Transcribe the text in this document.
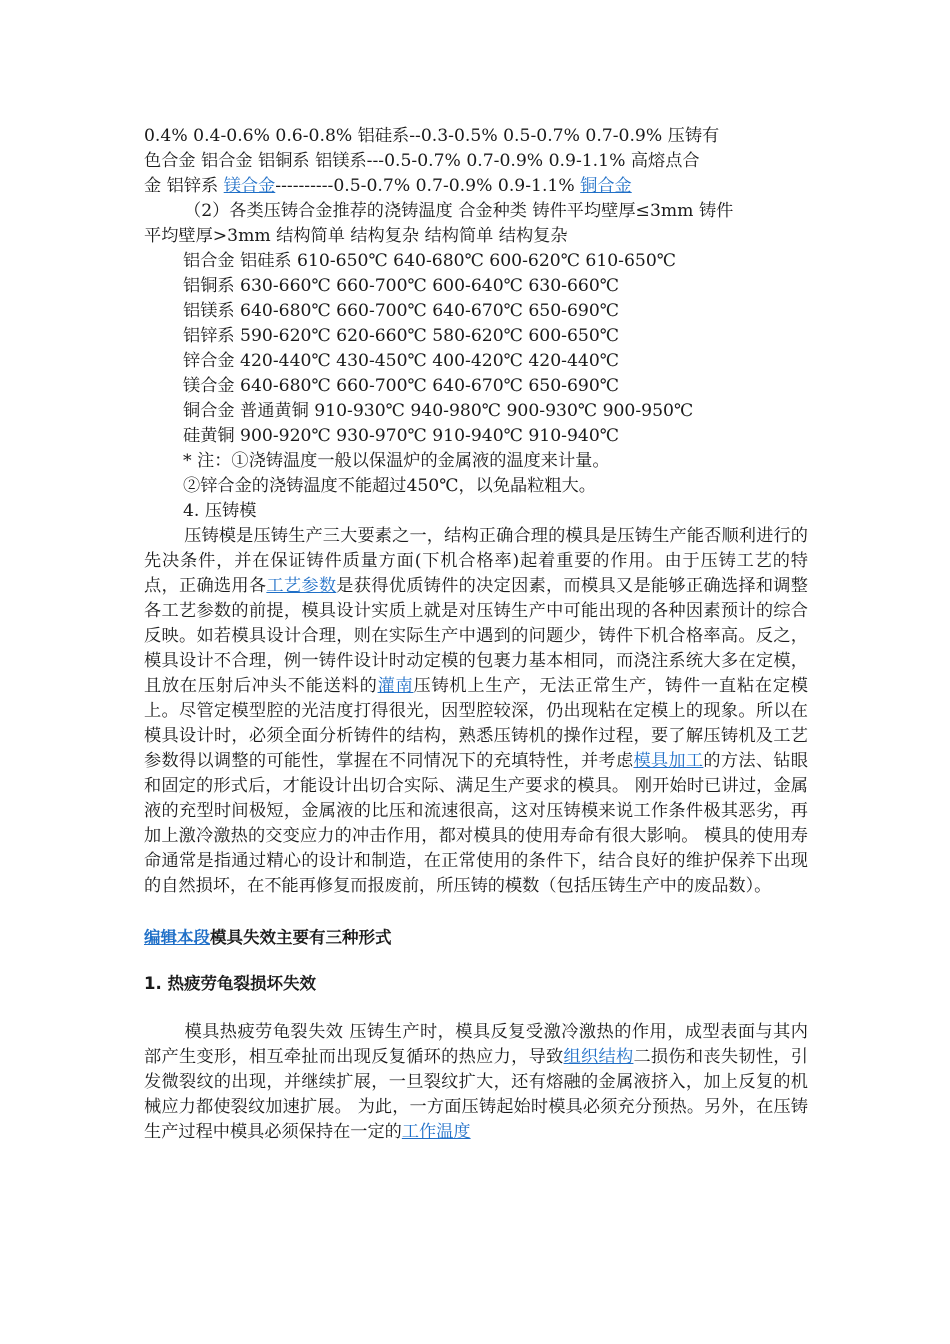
0.4% 0.4-0.6% 0.6-0.8% 铝硅系--0.3-0.5% 0.5-0.7% 0.7-0.9% 压铸有
色合金 铝合金 铝铜系 铝镁系---0.5-0.7% 0.7-0.9% 0.9-1.1% 高熔点合
金 铝锌系 镁合金----------0.5-0.7% 0.7-0.9% 0.9-1.1% 铜合金
（2）各类压铸合金推荐的浇铸温度 合金种类 铸件平均壁厚≤3mm 铸件
平均壁厚>3mm 结构简单 结构复杂 结构简单 结构复杂
铝合金 铝硅系 610-650℃ 640-680℃ 600-620℃ 610-650℃
铝铜系 630-660℃ 660-700℃ 600-640℃ 630-660℃
铝镁系 640-680℃ 660-700℃ 640-670℃ 650-690℃
铝锌系 590-620℃ 620-660℃ 580-620℃ 600-650℃
锌合金 420-440℃ 430-450℃ 400-420℃ 420-440℃
镁合金 640-680℃ 660-700℃ 640-670℃ 650-690℃
铜合金 普通黄铜 910-930℃ 940-980℃ 900-930℃ 900-950℃
硅黄铜 900-920℃ 930-970℃ 910-940℃ 910-940℃
* 注：①浇铸温度一般以保温炉的金属液的温度来计量。
②锌合金的浇铸温度不能超过450℃，以免晶粒粗大。
4. 压铸模

压铸模是压铸生产三大要素之一，结构正确合理的模具是压铸生产能否顺利进行的先决条件，并在保证铸件质量方面(下机合格率)起着重要的作用。由于压铸工艺的特点，正确选用各工艺参数是获得优质铸件的决定因素，而模具又是能够正确选择和调整各工艺参数的前提，模具设计实质上就是对压铸生产中可能出现的各种因素预计的综合反映。如若模具设计合理，则在实际生产中遇到的问题少，铸件下机合格率高。反之，模具设计不合理，例一铸件设计时动定模的包裹力基本相同，而浇注系统大多在定模，且放在压射后冲头不能送料的灌南压铸机上生产，无法正常生产，铸件一直粘在定模上。尽管定模型腔的光洁度打得很光，因型腔较深，仍出现粘在定模上的现象。所以在模具设计时，必须全面分析铸件的结构，熟悉压铸机的操作过程，要了解压铸机及工艺参数得以调整的可能性，掌握在不同情况下的充填特性，并考虑模具加工的方法、钻眼和固定的形式后，才能设计出切合实际、满足生产要求的模具。 刚开始时已讲过，金属液的充型时间极短，金属液的比压和流速很高，这对压铸模来说工作条件极其恶劣，再加上激冷激热的交变应力的冲击作用，都对模具的使用寿命有很大影响。 模具的使用寿命通常是指通过精心的设计和制造，在正常使用的条件下，结合良好的维护保养下出现的自然损坏，在不能再修复而报废前，所压铸的模数（包括压铸生产中的废品数）。

编辑本段模具失效主要有三种形式

1. 热疲劳龟裂损坏失效

模具热疲劳龟裂失效 压铸生产时，模具反复受激冷激热的作用，成型表面与其内部产生变形，相互牵扯而出现反复循环的热应力，导致组织结构二损伤和丧失韧性，引发微裂纹的出现，并继续扩展，一旦裂纹扩大，还有熔融的金属液挤入，加上反复的机械应力都使裂纹加速扩展。 为此，一方面压铸起始时模具必须充分预热。另外，在压铸生产过程中模具必须保持在一定的工作温度
